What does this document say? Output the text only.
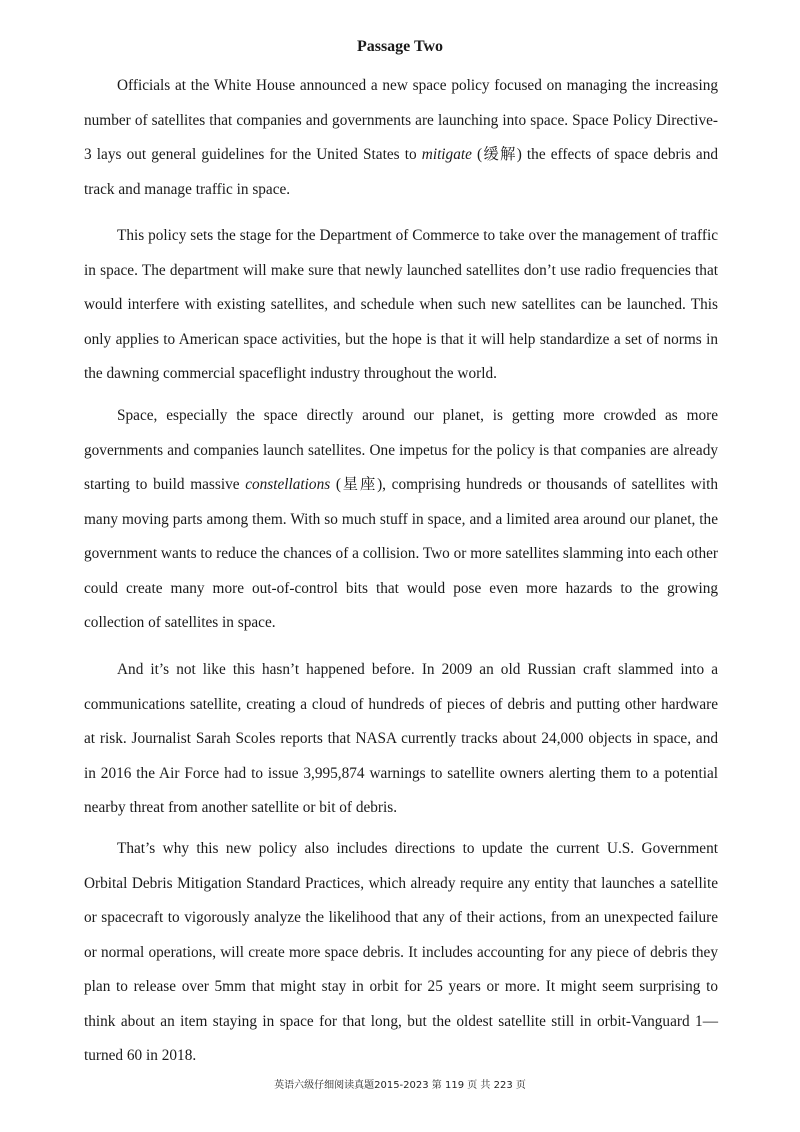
Passage Two

Officials at the White House announced a new space policy focused on managing the increasing number of satellites that companies and governments are launching into space. Space Policy Directive-3 lays out general guidelines for the United States to mitigate (缓解) the effects of space debris and track and manage traffic in space.

This policy sets the stage for the Department of Commerce to take over the management of traffic in space. The department will make sure that newly launched satellites don’t use radio frequencies that would interfere with existing satellites, and schedule when such new satellites can be launched. This only applies to American space activities, but the hope is that it will help standardize a set of norms in the dawning commercial spaceflight industry throughout the world.

Space, especially the space directly around our planet, is getting more crowded as more governments and companies launch satellites. One impetus for the policy is that companies are already starting to build massive constellations (星座), comprising hundreds or thousands of satellites with many moving parts among them. With so much stuff in space, and a limited area around our planet, the government wants to reduce the chances of a collision. Two or more satellites slamming into each other could create many more out-of-control bits that would pose even more hazards to the growing collection of satellites in space.

And it’s not like this hasn’t happened before. In 2009 an old Russian craft slammed into a communications satellite, creating a cloud of hundreds of pieces of debris and putting other hardware at risk. Journalist Sarah Scoles reports that NASA currently tracks about 24,000 objects in space, and in 2016 the Air Force had to issue 3,995,874 warnings to satellite owners alerting them to a potential nearby threat from another satellite or bit of debris.

That’s why this new policy also includes directions to update the current U.S. Government Orbital Debris Mitigation Standard Practices, which already require any entity that launches a satellite or spacecraft to vigorously analyze the likelihood that any of their actions, from an unexpected failure or normal operations, will create more space debris. It includes accounting for any piece of debris they plan to release over 5mm that might stay in orbit for 25 years or more. It might seem surprising to think about an item staying in space for that long, but the oldest satellite still in orbit-Vanguard 1—turned 60 in 2018.

英语六级仔细阅读真题2015-2023 第 119 页 共 223 页
